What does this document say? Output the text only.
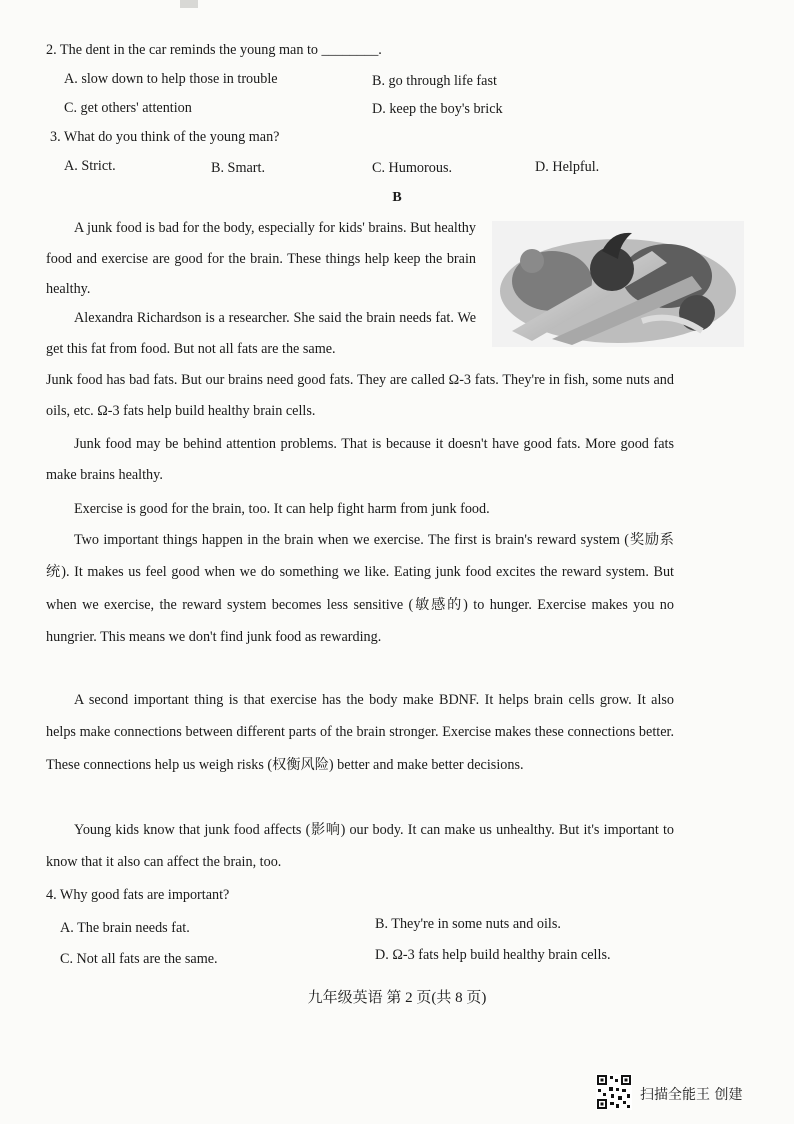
2. The dent in the car reminds the young man to ________.
A. slow down to help those in trouble	B. go through life fast
C. get others' attention	D. keep the boy's brick
3. What do you think of the young man?
A. Strict.	B. Smart.	C. Humorous.	D. Helpful.
B
A junk food is bad for the body, especially for kids' brains. But healthy food and exercise are good for the brain. These things help keep the brain healthy.
Alexandra Richardson is a researcher. She said the brain needs fat. We get this fat from food. But not all fats are the same.
Junk food has bad fats. But our brains need good fats. They are called Ω-3 fats. They're in fish, some nuts and oils, etc. Ω-3 fats help build healthy brain cells.
Junk food may be behind attention problems. That is because it doesn't have good fats. More good fats make brains healthy.
Exercise is good for the brain, too. It can help fight harm from junk food.
Two important things happen in the brain when we exercise. The first is brain's reward system (奖励系统). It makes us feel good when we do something we like. Eating junk food excites the reward system. But when we exercise, the reward system becomes less sensitive (敏感的) to hunger. Exercise makes you no hungrier. This means we don't find junk food as rewarding.
A second important thing is that exercise has the body make BDNF. It helps brain cells grow. It also helps make connections between different parts of the brain stronger. Exercise makes these connections better. These connections help us weigh risks (权衡风险) better and make better decisions.
Young kids know that junk food affects (影响) our body. It can make us unhealthy. But it's important to know that it also can affect the brain, too.
4. Why good fats are important?
A. The brain needs fat.	B. They're in some nuts and oils.
C. Not all fats are the same.	D. Ω-3 fats help build healthy brain cells.
九年级英语 第 2 页(共 8 页)
扫描全能王 创建
